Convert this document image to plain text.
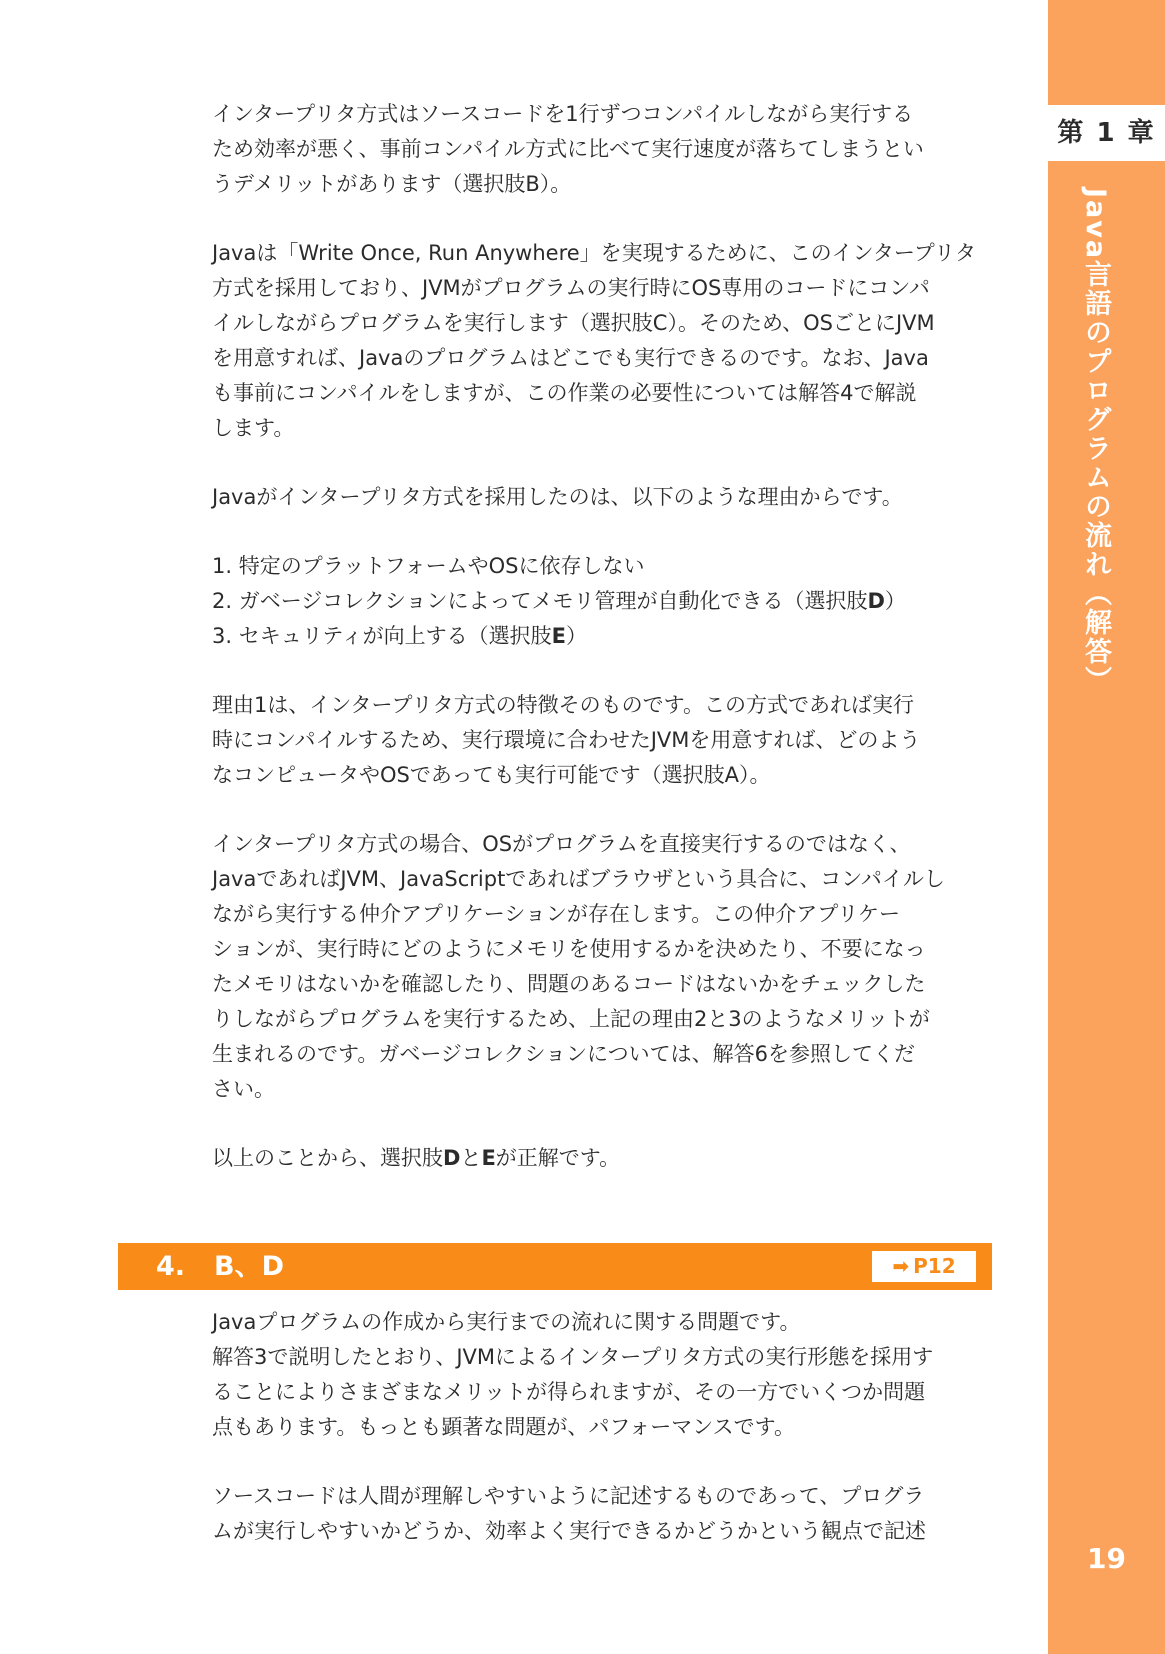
第 1 章
Java言語のプログラムの流れ（解答）
19
インタープリタ方式はソースコードを1行ずつコンパイルしながら実行する
ため効率が悪く、事前コンパイル方式に比べて実行速度が落ちてしまうとい
うデメリットがあります（選択肢B）。
Javaは「Write Once, Run Anywhere」を実現するために、このインタープリタ
方式を採用しており、JVMがプログラムの実行時にOS専用のコードにコンパ
イルしながらプログラムを実行します（選択肢C）。そのため、OSごとにJVM
を用意すれば、Javaのプログラムはどこでも実行できるのです。なお、Java
も事前にコンパイルをしますが、この作業の必要性については解答4で解説
します。
Javaがインタープリタ方式を採用したのは、以下のような理由からです。
1. 特定のプラットフォームやOSに依存しない
2. ガベージコレクションによってメモリ管理が自動化できる（選択肢D）
3. セキュリティが向上する（選択肢E）
理由1は、インタープリタ方式の特徴そのものです。この方式であれば実行
時にコンパイルするため、実行環境に合わせたJVMを用意すれば、どのよう
なコンピュータやOSであっても実行可能です（選択肢A）。
インタープリタ方式の場合、OSがプログラムを直接実行するのではなく、
JavaであればJVM、JavaScriptであればブラウザという具合に、コンパイルし
ながら実行する仲介アプリケーションが存在します。この仲介アプリケー
ションが、実行時にどのようにメモリを使用するかを決めたり、不要になっ
たメモリはないかを確認したり、問題のあるコードはないかをチェックした
りしながらプログラムを実行するため、上記の理由2と3のようなメリットが
生まれるのです。ガベージコレクションについては、解答6を参照してくだ
さい。
以上のことから、選択肢DとEが正解です。
4. B、D	➡ P12
Javaプログラムの作成から実行までの流れに関する問題です。
解答3で説明したとおり、JVMによるインタープリタ方式の実行形態を採用す
ることによりさまざまなメリットが得られますが、その一方でいくつか問題
点もあります。もっとも顕著な問題が、パフォーマンスです。
ソースコードは人間が理解しやすいように記述するものであって、プログラ
ムが実行しやすいかどうか、効率よく実行できるかどうかという観点で記述
